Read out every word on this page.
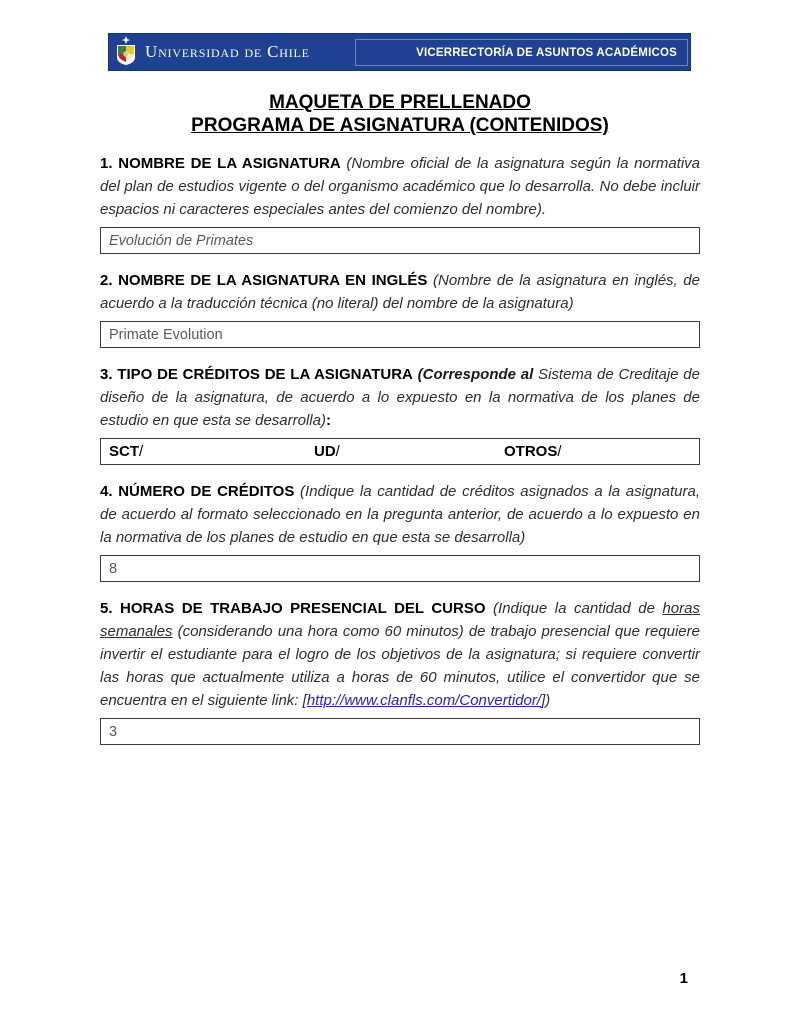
Universidad de Chile	VICERRECTORÍA DE ASUNTOS ACADÉMICOS
MAQUETA DE PRELLENADO
PROGRAMA DE ASIGNATURA (CONTENIDOS)

1. NOMBRE DE LA ASIGNATURA (Nombre oficial de la asignatura según la normativa del plan de estudios vigente o del organismo académico que lo desarrolla. No debe incluir espacios ni caracteres especiales antes del comienzo del nombre).

Evolución de Primates

2. NOMBRE DE LA ASIGNATURA EN INGLÉS (Nombre de la asignatura en inglés, de acuerdo a la traducción técnica (no literal) del nombre de la asignatura)

Primate Evolution

3. TIPO DE CRÉDITOS DE LA ASIGNATURA (Corresponde al Sistema de Creditaje de diseño de la asignatura, de acuerdo a lo expuesto en la normativa de los planes de estudio en que esta se desarrolla):

SCT/	UD/	OTROS/

4. NÚMERO DE CRÉDITOS (Indique la cantidad de créditos asignados a la asignatura, de acuerdo al formato seleccionado en la pregunta anterior, de acuerdo a lo expuesto en la normativa de los planes de estudio en que esta se desarrolla)

8

5. HORAS DE TRABAJO PRESENCIAL DEL CURSO (Indique la cantidad de horas semanales (considerando una hora como 60 minutos) de trabajo presencial que requiere invertir el estudiante para el logro de los objetivos de la asignatura; si requiere convertir las horas que actualmente utiliza a horas de 60 minutos, utilice el convertidor que se encuentra en el siguiente link: [http://www.clanfls.com/Convertidor/])

3
1
